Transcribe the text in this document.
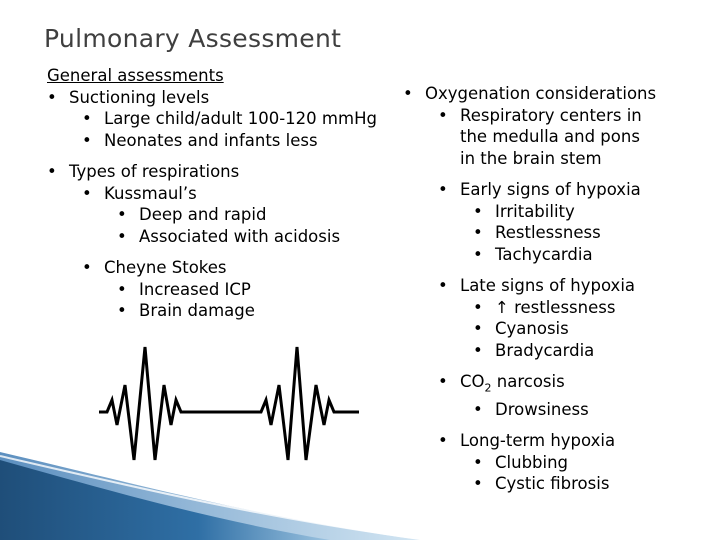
Pulmonary Assessment
General assessments
• Suctioning levels
• Large child/adult 100-120 mmHg
• Neonates and infants less
• Types of respirations
• Kussmaul’s
• Deep and rapid
• Associated with acidosis
• Cheyne Stokes
• Increased ICP
• Brain damage
• Oxygenation considerations
• Respiratory centers in the medulla and pons in the brain stem
• Early signs of hypoxia
• Irritability
• Restlessness
• Tachycardia
• Late signs of hypoxia
• ↑ restlessness
• Cyanosis
• Bradycardia
• $CO_2$ narcosis
• Drowsiness
• Long-term hypoxia
• Clubbing
• Cystic fibrosis
